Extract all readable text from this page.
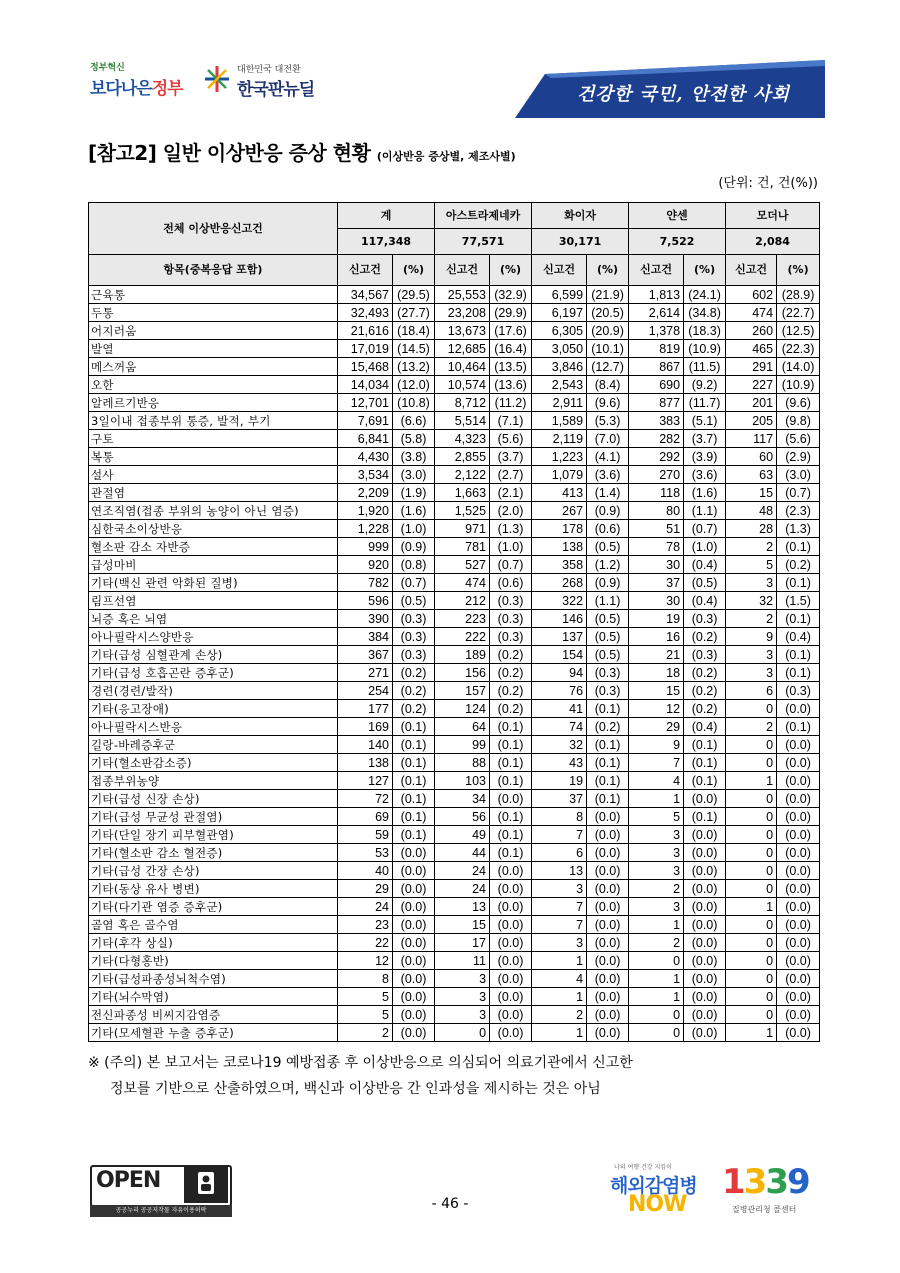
정부혁신
보다나은정부
대한민국 대전환
한국판뉴딜	건강한 국민, 안전한 사회
[참고2] 일반 이상반응 증상 현황 (이상반응 증상별, 제조사별)
(단위: 건, 건(%))
전체 이상반응신고건	계		아스트라제네카		화이자		얀센		모더나	
	117,348		77,571		30,171		7,522		2,084	
항목(중복응답 포함)	신고건	(%)	신고건	(%)	신고건	(%)	신고건	(%)	신고건	(%)
근육통	34,567	(29.5)	25,553	(32.9)	6,599	(21.9)	1,813	(24.1)	602	(28.9)
두통	32,493	(27.7)	23,208	(29.9)	6,197	(20.5)	2,614	(34.8)	474	(22.7)
어지러움	21,616	(18.4)	13,673	(17.6)	6,305	(20.9)	1,378	(18.3)	260	(12.5)
발열	17,019	(14.5)	12,685	(16.4)	3,050	(10.1)	819	(10.9)	465	(22.3)
메스꺼움	15,468	(13.2)	10,464	(13.5)	3,846	(12.7)	867	(11.5)	291	(14.0)
오한	14,034	(12.0)	10,574	(13.6)	2,543	(8.4)	690	(9.2)	227	(10.9)
알레르기반응	12,701	(10.8)	8,712	(11.2)	2,911	(9.6)	877	(11.7)	201	(9.6)
3일이내 접종부위 통증, 발적, 부기	7,691	(6.6)	5,514	(7.1)	1,589	(5.3)	383	(5.1)	205	(9.8)
구토	6,841	(5.8)	4,323	(5.6)	2,119	(7.0)	282	(3.7)	117	(5.6)
복통	4,430	(3.8)	2,855	(3.7)	1,223	(4.1)	292	(3.9)	60	(2.9)
설사	3,534	(3.0)	2,122	(2.7)	1,079	(3.6)	270	(3.6)	63	(3.0)
관절염	2,209	(1.9)	1,663	(2.1)	413	(1.4)	118	(1.6)	15	(0.7)
연조직염(접종 부위의 농양이 아닌 염증)	1,920	(1.6)	1,525	(2.0)	267	(0.9)	80	(1.1)	48	(2.3)
심한국소이상반응	1,228	(1.0)	971	(1.3)	178	(0.6)	51	(0.7)	28	(1.3)
혈소판 감소 자반증	999	(0.9)	781	(1.0)	138	(0.5)	78	(1.0)	2	(0.1)
급성마비	920	(0.8)	527	(0.7)	358	(1.2)	30	(0.4)	5	(0.2)
기타(백신 관련 악화된 질병)	782	(0.7)	474	(0.6)	268	(0.9)	37	(0.5)	3	(0.1)
림프선염	596	(0.5)	212	(0.3)	322	(1.1)	30	(0.4)	32	(1.5)
뇌증 혹은 뇌염	390	(0.3)	223	(0.3)	146	(0.5)	19	(0.3)	2	(0.1)
아나필락시스양반응	384	(0.3)	222	(0.3)	137	(0.5)	16	(0.2)	9	(0.4)
기타(급성 심혈관계 손상)	367	(0.3)	189	(0.2)	154	(0.5)	21	(0.3)	3	(0.1)
기타(급성 호흡곤란 증후군)	271	(0.2)	156	(0.2)	94	(0.3)	18	(0.2)	3	(0.1)
경련(경련/발작)	254	(0.2)	157	(0.2)	76	(0.3)	15	(0.2)	6	(0.3)
기타(응고장애)	177	(0.2)	124	(0.2)	41	(0.1)	12	(0.2)	0	(0.0)
아나필락시스반응	169	(0.1)	64	(0.1)	74	(0.2)	29	(0.4)	2	(0.1)
길랑-바레증후군	140	(0.1)	99	(0.1)	32	(0.1)	9	(0.1)	0	(0.0)
기타(혈소판감소증)	138	(0.1)	88	(0.1)	43	(0.1)	7	(0.1)	0	(0.0)
접종부위농양	127	(0.1)	103	(0.1)	19	(0.1)	4	(0.1)	1	(0.0)
기타(급성 신장 손상)	72	(0.1)	34	(0.0)	37	(0.1)	1	(0.0)	0	(0.0)
기타(급성 무균성 관절염)	69	(0.1)	56	(0.1)	8	(0.0)	5	(0.1)	0	(0.0)
기타(단일 장기 피부혈관염)	59	(0.1)	49	(0.1)	7	(0.0)	3	(0.0)	0	(0.0)
기타(혈소판 감소 혈전증)	53	(0.0)	44	(0.1)	6	(0.0)	3	(0.0)	0	(0.0)
기타(급성 간장 손상)	40	(0.0)	24	(0.0)	13	(0.0)	3	(0.0)	0	(0.0)
기타(동상 유사 병변)	29	(0.0)	24	(0.0)	3	(0.0)	2	(0.0)	0	(0.0)
기타(다기관 염증 증후군)	24	(0.0)	13	(0.0)	7	(0.0)	3	(0.0)	1	(0.0)
골염 혹은 골수염	23	(0.0)	15	(0.0)	7	(0.0)	1	(0.0)	0	(0.0)
기타(후각 상실)	22	(0.0)	17	(0.0)	3	(0.0)	2	(0.0)	0	(0.0)
기타(다형홍반)	12	(0.0)	11	(0.0)	1	(0.0)	0	(0.0)	0	(0.0)
기타(급성파종성뇌척수염)	8	(0.0)	3	(0.0)	4	(0.0)	1	(0.0)	0	(0.0)
기타(뇌수막염)	5	(0.0)	3	(0.0)	1	(0.0)	1	(0.0)	0	(0.0)
전신파종성 비씨지감염증	5	(0.0)	3	(0.0)	2	(0.0)	0	(0.0)	0	(0.0)
기타(모세혈관 누출 증후군)	2	(0.0)	0	(0.0)	1	(0.0)	0	(0.0)	1	(0.0)
※ (주의) 본 보고서는 코로나19 예방접종 후 이상반응으로 의심되어 의료기관에서 신고한
정보를 기반으로 산출하였으며, 백신과 이상반응 간 인과성을 제시하는 것은 아님
OPEN
공공누리 공공저작물 자유이용허락	- 46 -
나의 여행 건강 지킴이
해외감염병
NOW
1339
질병관리청 콜센터
